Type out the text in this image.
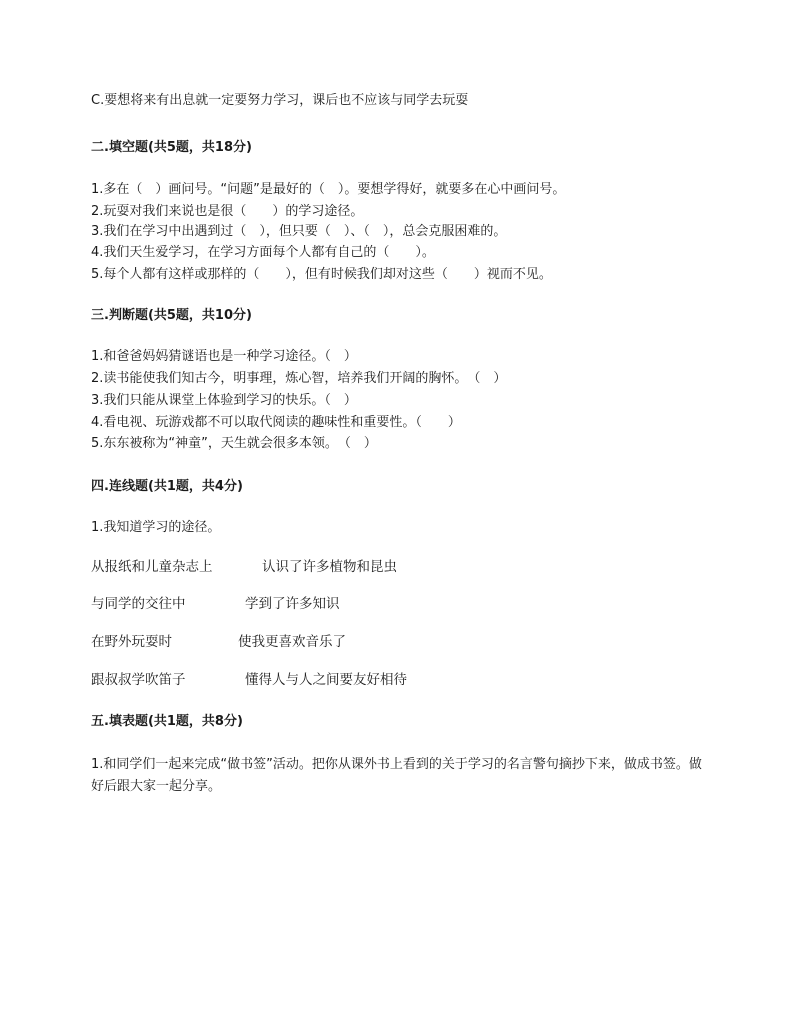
C.要想将来有出息就一定要努力学习，课后也不应该与同学去玩耍
二.填空题(共5题，共18分)
1.多在（　）画问号。“问题”是最好的（　）。要想学得好，就要多在心中画问号。
2.玩耍对我们来说也是很（　　）的学习途径。
3.我们在学习中出遇到过（　），但只要（　）、（　），总会克服困难的。
4.我们天生爱学习，在学习方面每个人都有自己的（　　）。
5.每个人都有这样或那样的（　　），但有时候我们却对这些（　　）视而不见。
三.判断题(共5题，共10分)
1.和爸爸妈妈猜谜语也是一种学习途径。（　）
2.读书能使我们知古今，明事理，炼心智，培养我们开阔的胸怀。　（　）
3.我们只能从课堂上体验到学习的快乐。（　）
4.看电视、玩游戏都不可以取代阅读的趣味性和重要性。（　　）
5.东东被称为“神童”，天生就会很多本领。　（　）
四.连线题(共1题，共4分)
1.我知道学习的途径。
从报纸和儿童杂志上	认识了许多植物和昆虫
与同学的交往中	学到了许多知识
在野外玩耍时	使我更喜欢音乐了
跟叔叔学吹笛子	懂得人与人之间要友好相待
五.填表题(共1题，共8分)
1.和同学们一起来完成“做书签”活动。把你从课外书上看到的关于学习的名言警句摘抄下来，做成书签。做好后跟大家一起分享。
